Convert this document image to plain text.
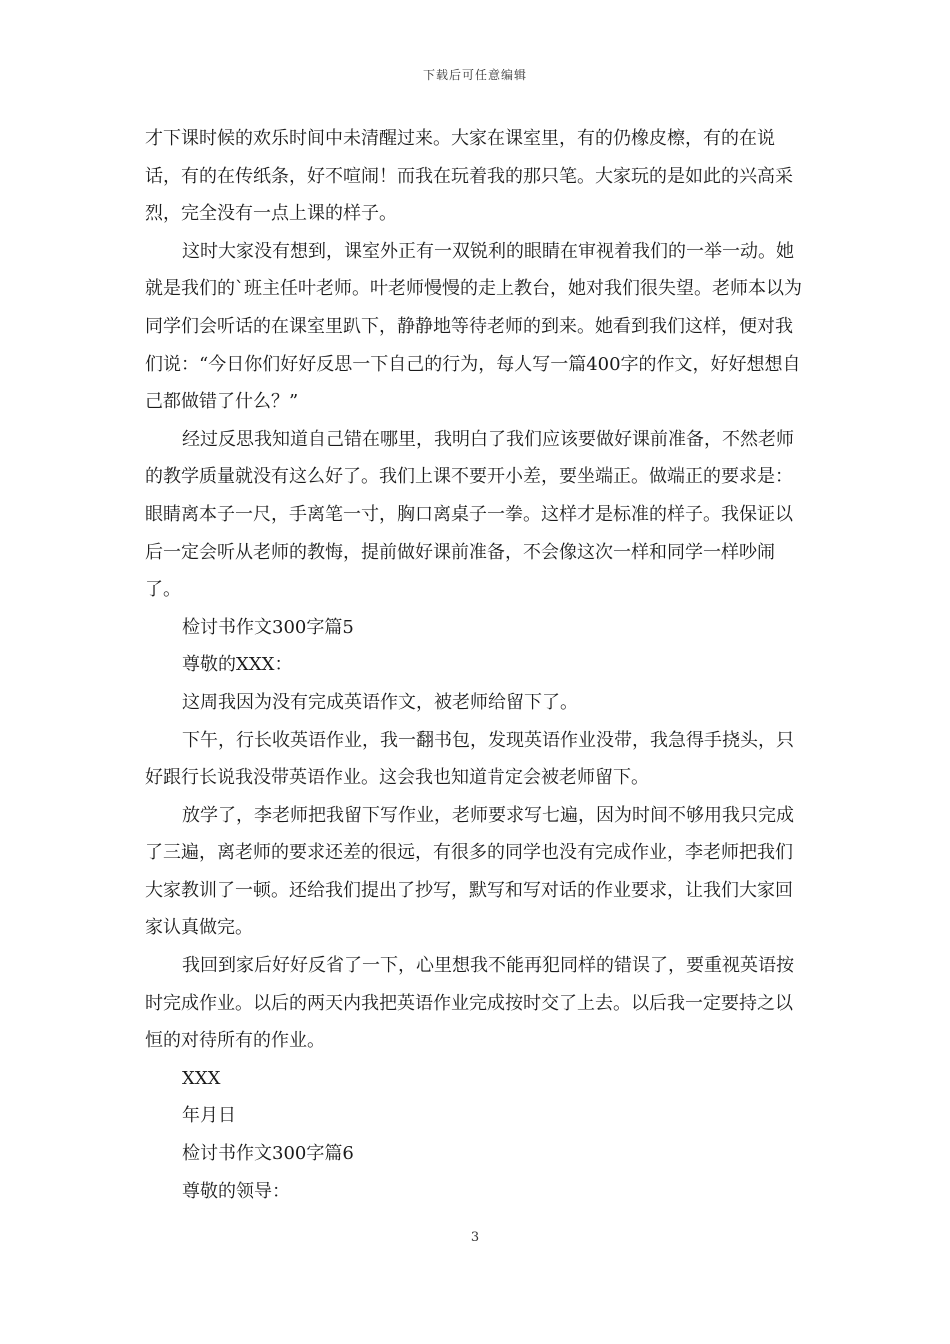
下载后可任意编辑

才下课时候的欢乐时间中未清醒过来。大家在课室里，有的仍橡皮檫，有的在说话，有的在传纸条，好不喧闹！而我在玩着我的那只笔。大家玩的是如此的兴高采烈，完全没有一点上课的样子。

这时大家没有想到，课室外正有一双锐利的眼睛在审视着我们的一举一动。她就是我们的`班主任叶老师。叶老师慢慢的走上教台，她对我们很失望。老师本以为同学们会听话的在课室里趴下，静静地等待老师的到来。她看到我们这样，便对我们说：“今日你们好好反思一下自己的行为，每人写一篇400字的作文，好好想想自己都做错了什么？”

经过反思我知道自己错在哪里，我明白了我们应该要做好课前准备，不然老师的教学质量就没有这么好了。我们上课不要开小差，要坐端正。做端正的要求是：眼睛离本子一尺，手离笔一寸，胸口离桌子一拳。这样才是标准的样子。我保证以后一定会听从老师的教悔，提前做好课前准备，不会像这次一样和同学一样吵闹了。

检讨书作文300字篇5

尊敬的XXX：

这周我因为没有完成英语作文，被老师给留下了。

下午，行长收英语作业，我一翻书包，发现英语作业没带，我急得手挠头，只好跟行长说我没带英语作业。这会我也知道肯定会被老师留下。

放学了，李老师把我留下写作业，老师要求写七遍，因为时间不够用我只完成了三遍，离老师的要求还差的很远，有很多的同学也没有完成作业，李老师把我们大家教训了一顿。还给我们提出了抄写，默写和写对话的作业要求，让我们大家回家认真做完。

我回到家后好好反省了一下，心里想我不能再犯同样的错误了，要重视英语按时完成作业。以后的两天内我把英语作业完成按时交了上去。以后我一定要持之以恒的对待所有的作业。

XXX

年月日

检讨书作文300字篇6

尊敬的领导：

3
